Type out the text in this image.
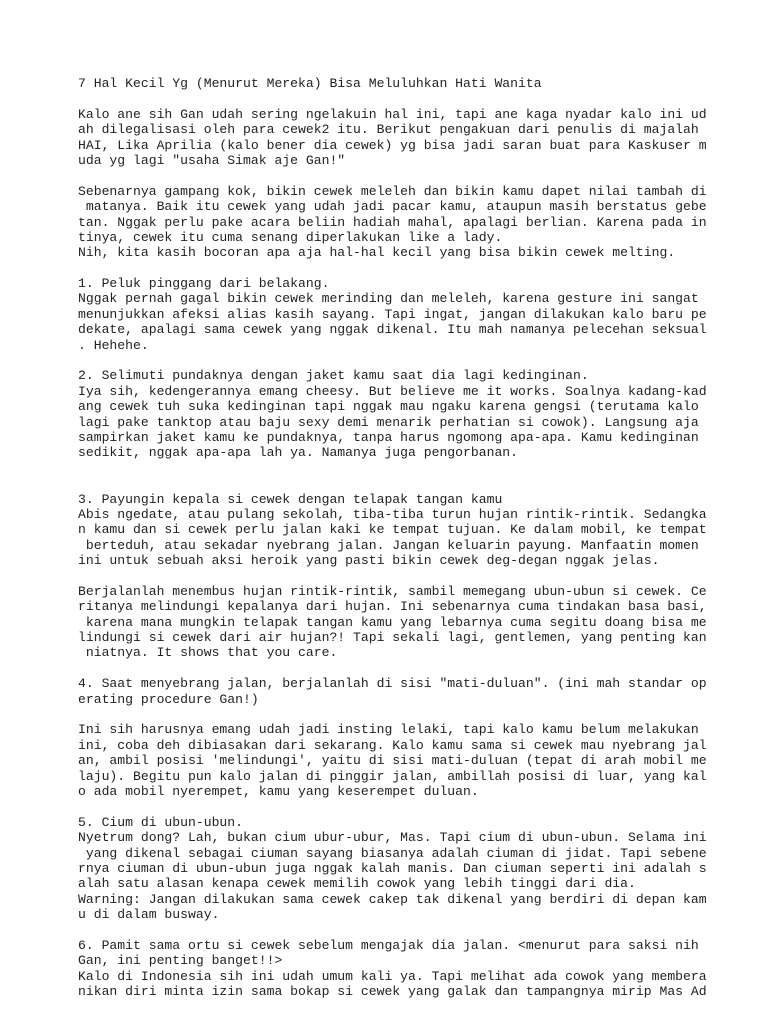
7 Hal Kecil Yg (Menurut Mereka) Bisa Meluluhkan Hati Wanita
Kalo ane sih Gan udah sering ngelakuin hal ini, tapi ane kaga nyadar kalo ini ud
ah dilegalisasi oleh para cewek2 itu. Berikut pengakuan dari penulis di majalah
HAI, Lika Aprilia (kalo bener dia cewek) yg bisa jadi saran buat para Kaskuser m
uda yg lagi "usaha Simak aje Gan!"
Sebenarnya gampang kok, bikin cewek meleleh dan bikin kamu dapet nilai tambah di
matanya. Baik itu cewek yang udah jadi pacar kamu, ataupun masih berstatus gebe
tan. Nggak perlu pake acara beliin hadiah mahal, apalagi berlian. Karena pada in
tinya, cewek itu cuma senang diperlakukan like a lady.
Nih, kita kasih bocoran apa aja hal-hal kecil yang bisa bikin cewek melting.
1. Peluk pinggang dari belakang.
Nggak pernah gagal bikin cewek merinding dan meleleh, karena gesture ini sangat
menunjukkan afeksi alias kasih sayang. Tapi ingat, jangan dilakukan kalo baru pe
dekate, apalagi sama cewek yang nggak dikenal. Itu mah namanya pelecehan seksual
. Hehehe.
2. Selimuti pundaknya dengan jaket kamu saat dia lagi kedinginan.
Iya sih, kedengerannya emang cheesy. But believe me it works. Soalnya kadang-kad
ang cewek tuh suka kedinginan tapi nggak mau ngaku karena gengsi (terutama kalo
lagi pake tanktop atau baju sexy demi menarik perhatian si cowok). Langsung aja
sampirkan jaket kamu ke pundaknya, tanpa harus ngomong apa-apa. Kamu kedinginan
sedikit, nggak apa-apa lah ya. Namanya juga pengorbanan.
3. Payungin kepala si cewek dengan telapak tangan kamu
Abis ngedate, atau pulang sekolah, tiba-tiba turun hujan rintik-rintik. Sedangka
n kamu dan si cewek perlu jalan kaki ke tempat tujuan. Ke dalam mobil, ke tempat
berteduh, atau sekadar nyebrang jalan. Jangan keluarin payung. Manfaatin momen
ini untuk sebuah aksi heroik yang pasti bikin cewek deg-degan nggak jelas.
Berjalanlah menembus hujan rintik-rintik, sambil memegang ubun-ubun si cewek. Ce
ritanya melindungi kepalanya dari hujan. Ini sebenarnya cuma tindakan basa basi,
karena mana mungkin telapak tangan kamu yang lebarnya cuma segitu doang bisa me
lindungi si cewek dari air hujan?! Tapi sekali lagi, gentlemen, yang penting kan
niatnya. It shows that you care.
4. Saat menyebrang jalan, berjalanlah di sisi "mati-duluan". (ini mah standar op
erating procedure Gan!)
Ini sih harusnya emang udah jadi insting lelaki, tapi kalo kamu belum melakukan
ini, coba deh dibiasakan dari sekarang. Kalo kamu sama si cewek mau nyebrang jal
an, ambil posisi 'melindungi', yaitu di sisi mati-duluan (tepat di arah mobil me
laju). Begitu pun kalo jalan di pinggir jalan, ambillah posisi di luar, yang kal
o ada mobil nyerempet, kamu yang keserempet duluan.
5. Cium di ubun-ubun.
Nyetrum dong? Lah, bukan cium ubur-ubur, Mas. Tapi cium di ubun-ubun. Selama ini
yang dikenal sebagai ciuman sayang biasanya adalah ciuman di jidat. Tapi sebene
rnya ciuman di ubun-ubun juga nggak kalah manis. Dan ciuman seperti ini adalah s
alah satu alasan kenapa cewek memilih cowok yang lebih tinggi dari dia.
Warning: Jangan dilakukan sama cewek cakep tak dikenal yang berdiri di depan kam
u di dalam busway.
6. Pamit sama ortu si cewek sebelum mengajak dia jalan. <menurut para saksi nih
Gan, ini penting banget!!>
Kalo di Indonesia sih ini udah umum kali ya. Tapi melihat ada cowok yang membera
nikan diri minta izin sama bokap si cewek yang galak dan tampangnya mirip Mas Ad
